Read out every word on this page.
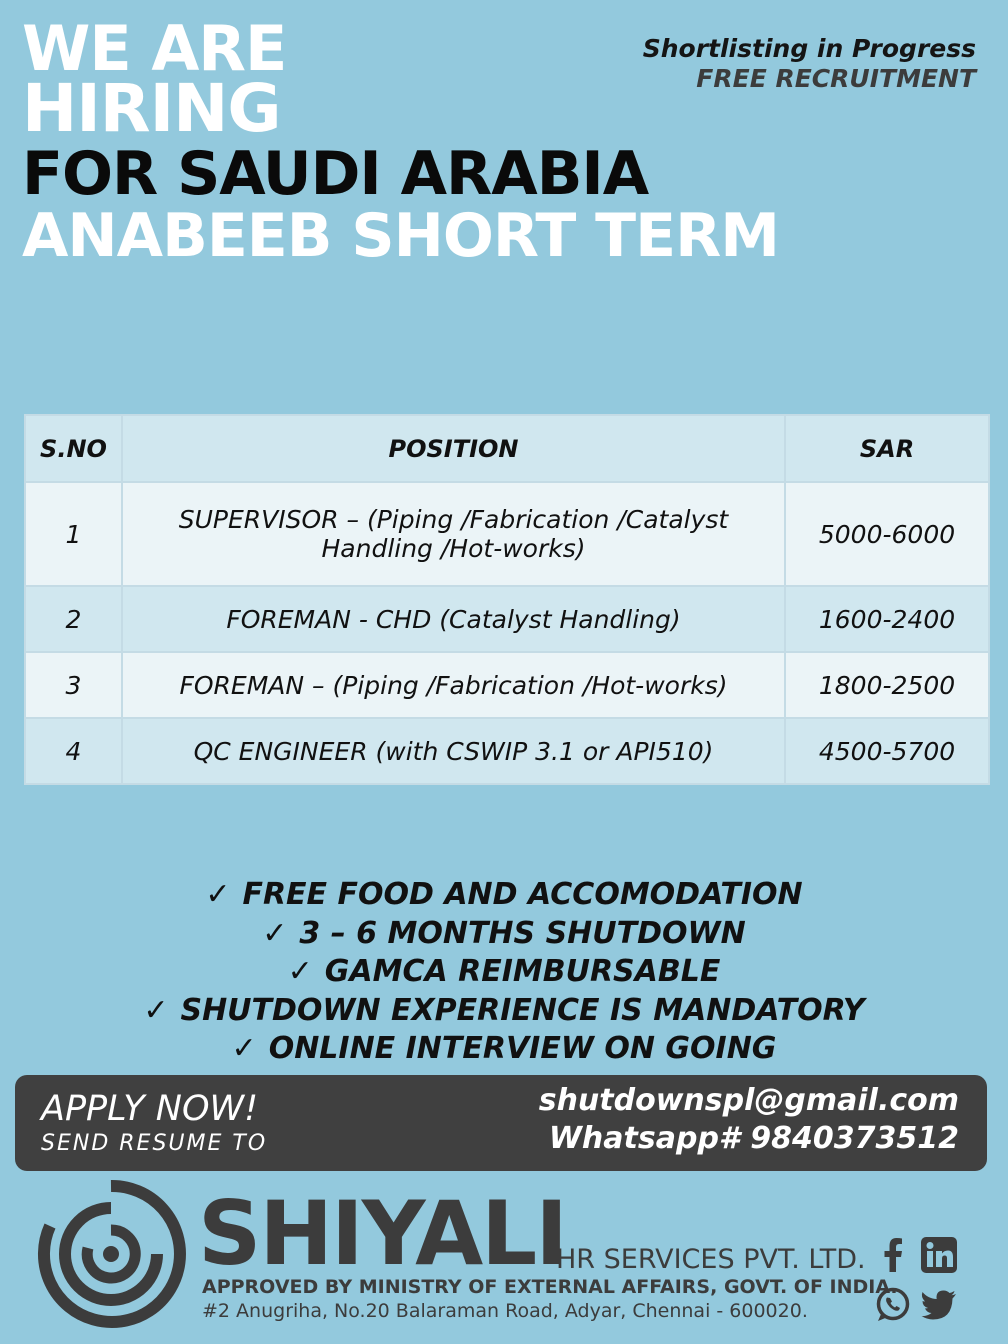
WE ARE
HIRING
FOR SAUDI ARABIA
ANABEEB SHORT TERM
Shortlisting in Progress
FREE RECRUITMENT
S.NO	POSITION	SAR
1	SUPERVISOR – (Piping /Fabrication /Catalyst Handling /Hot-works)	5000-6000
2	FOREMAN - CHD (Catalyst Handling)	1600-2400
3	FOREMAN – (Piping /Fabrication /Hot-works)	1800-2500
4	QC ENGINEER (with CSWIP 3.1 or API510)	4500-5700
✓ FREE FOOD AND ACCOMODATION
✓ 3 – 6 MONTHS SHUTDOWN
✓ GAMCA REIMBURSABLE
✓ SHUTDOWN EXPERIENCE IS MANDATORY
✓ ONLINE INTERVIEW ON GOING
APPLY NOW!
SEND RESUME TO
shutdownspl@gmail.com
Whatsapp# 9840373512
SHIYALI
HR SERVICES PVT. LTD.
APPROVED BY MINISTRY OF EXTERNAL AFFAIRS, GOVT. OF INDIA.
#2 Anugriha, No.20 Balaraman Road, Adyar, Chennai - 600020.
